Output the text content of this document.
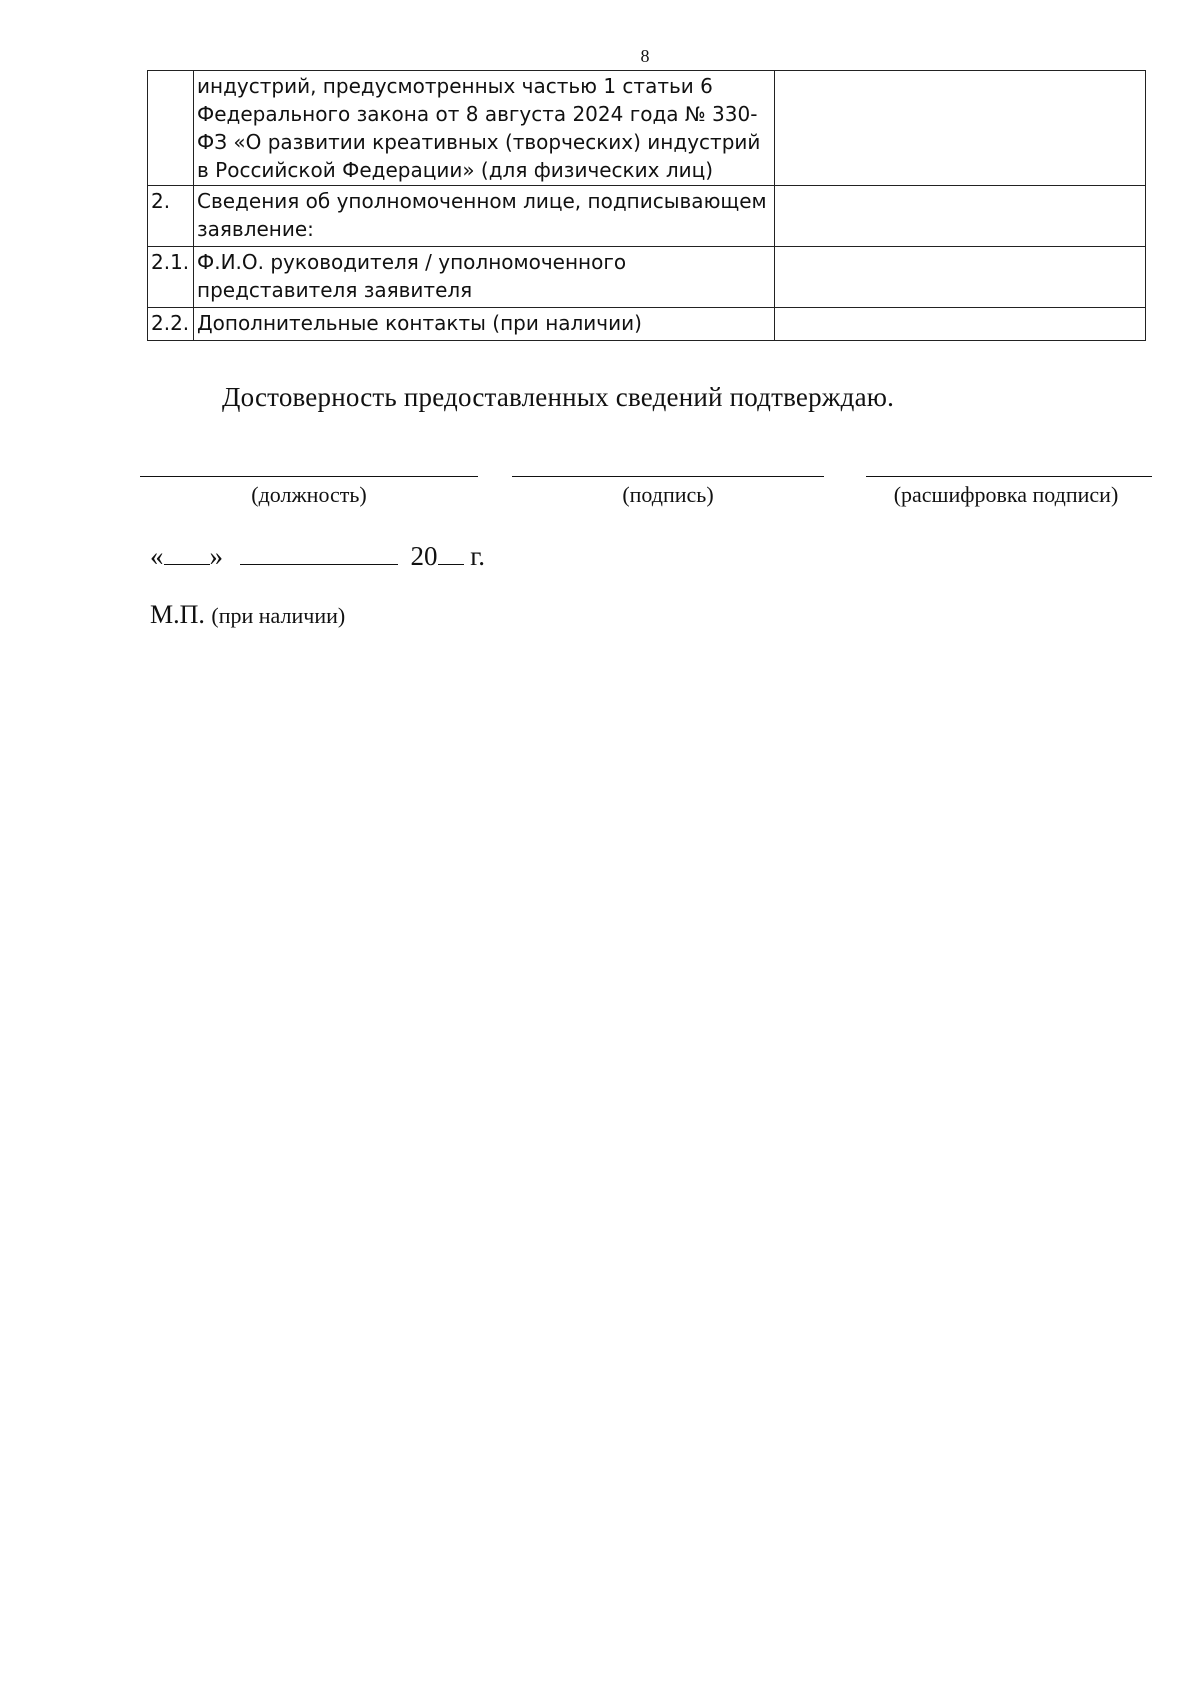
8
	индустрий, предусмотренных частью 1 статьи 6 Федерального закона от 8 августа 2024 года № 330-ФЗ «О развитии креативных (творческих) индустрий в Российской Федерации» (для физических лиц)	
2.	Сведения об уполномоченном лице, подписывающем заявление:	
2.1.	Ф.И.О. руководителя / уполномоченного представителя заявителя	
2.2.	Дополнительные контакты (при наличии)	
Достоверность предоставленных сведений подтверждаю.
(должность)	(подпись)	(расшифровка подписи)
« »	20 г.
М.П. (при наличии)
